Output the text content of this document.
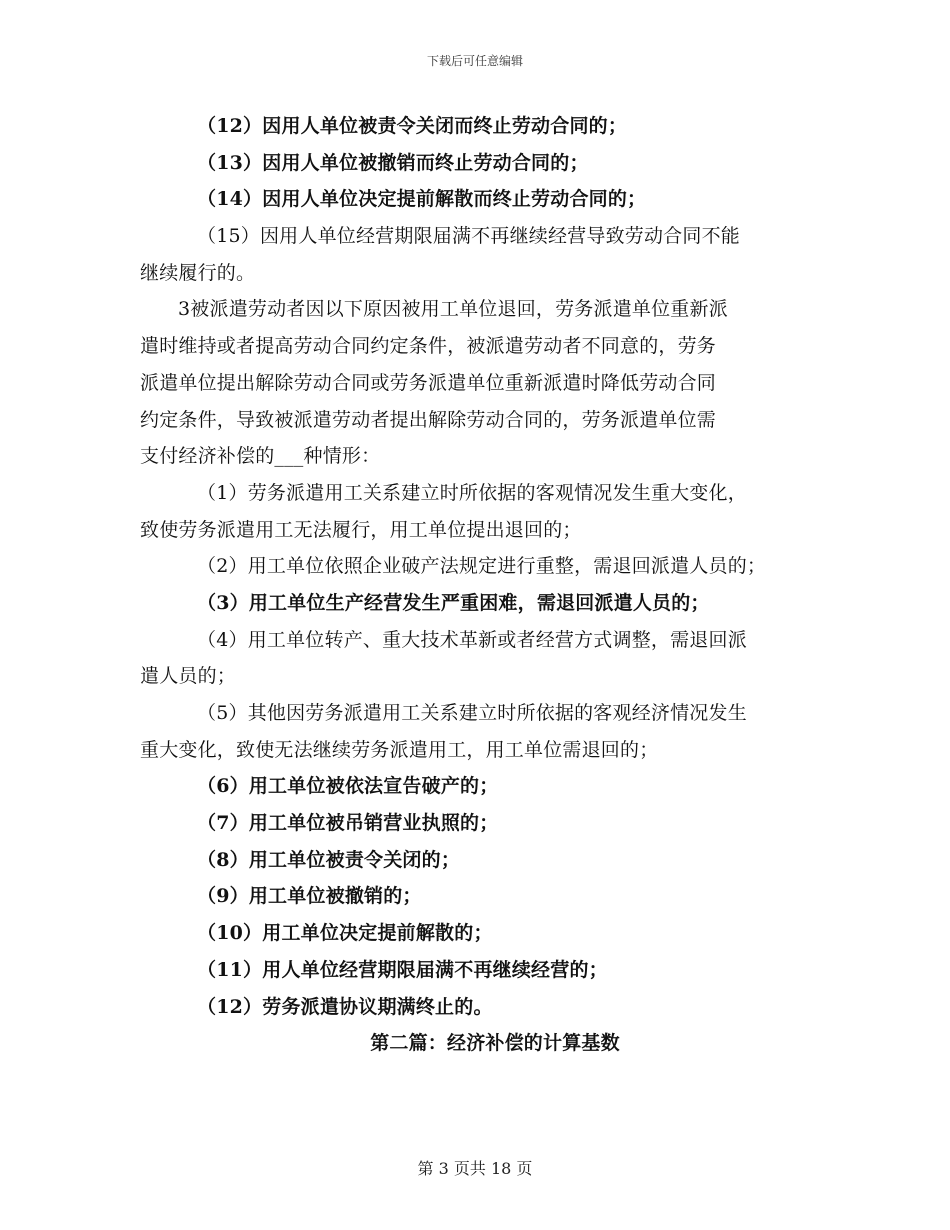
下载后可任意编辑
（12）因用人单位被责令关闭而终止劳动合同的；
（13）因用人单位被撤销而终止劳动合同的；
（14）因用人单位决定提前解散而终止劳动合同的；
（15）因用人单位经营期限届满不再继续经营导致劳动合同不能
继续履行的。
3被派遣劳动者因以下原因被用工单位退回，劳务派遣单位重新派
遣时维持或者提高劳动合同约定条件，被派遣劳动者不同意的，劳务
派遣单位提出解除劳动合同或劳务派遣单位重新派遣时降低劳动合同
约定条件，导致被派遣劳动者提出解除劳动合同的，劳务派遣单位需
支付经济补偿的___种情形：
（1）劳务派遣用工关系建立时所依据的客观情况发生重大变化，
致使劳务派遣用工无法履行，用工单位提出退回的；
（2）用工单位依照企业破产法规定进行重整，需退回派遣人员的；
（3）用工单位生产经营发生严重困难，需退回派遣人员的；
（4）用工单位转产、重大技术革新或者经营方式调整，需退回派
遣人员的；
（5）其他因劳务派遣用工关系建立时所依据的客观经济情况发生
重大变化，致使无法继续劳务派遣用工，用工单位需退回的；
（6）用工单位被依法宣告破产的；
（7）用工单位被吊销营业执照的；
（8）用工单位被责令关闭的；
（9）用工单位被撤销的；
（10）用工单位决定提前解散的；
（11）用人单位经营期限届满不再继续经营的；
（12）劳务派遣协议期满终止的。
第二篇：经济补偿的计算基数
第 3 页共 18 页
